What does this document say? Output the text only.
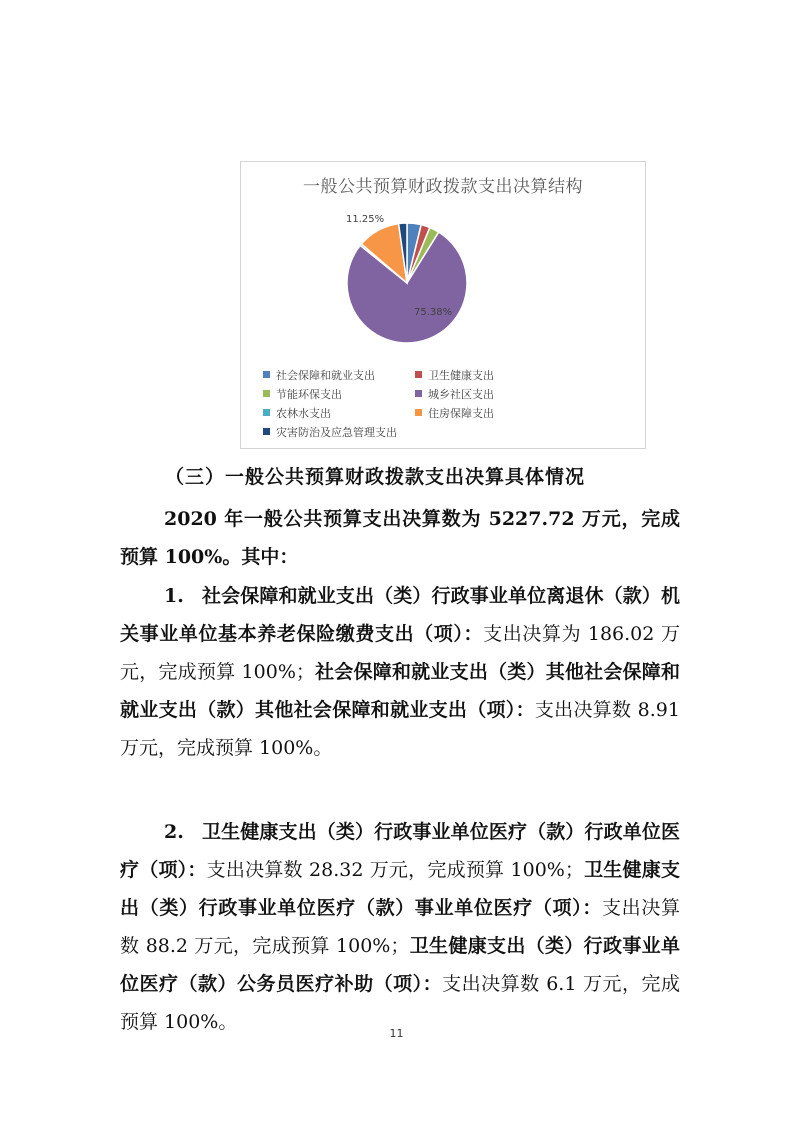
一般公共预算财政拨款支出决算结构
11.25%
75.38%
社会保障和就业支出	卫生健康支出
节能环保支出	城乡社区支出
农林水支出	住房保障支出
灾害防治及应急管理支出
（三）一般公共预算财政拨款支出决算具体情况
2020 年一般公共预算支出决算数为 5227.72 万元，完成预算 100%。其中：
1. 社会保障和就业支出（类）行政事业单位离退休（款）机关事业单位基本养老保险缴费支出（项）：支出决算为 186.02 万元，完成预算 100%；社会保障和就业支出（类）其他社会保障和就业支出（款）其他社会保障和就业支出（项）：支出决算数 8.91 万元，完成预算 100%。
2. 卫生健康支出（类）行政事业单位医疗（款）行政单位医疗（项）：支出决算数 28.32 万元，完成预算 100%；卫生健康支出（类）行政事业单位医疗（款）事业单位医疗（项）：支出决算数 88.2 万元，完成预算 100%；卫生健康支出（类）行政事业单位医疗（款）公务员医疗补助（项）：支出决算数 6.1 万元，完成预算 100%。
11
